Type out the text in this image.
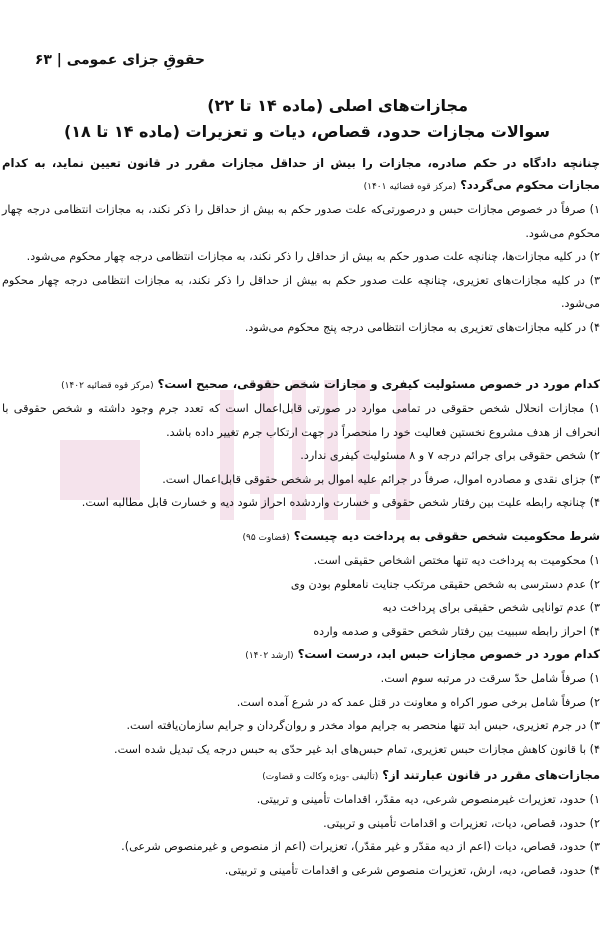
حقوقِ جزای عمومی | ۶۳
مجازات‌های اصلی (ماده ۱۴ تا ۲۲)
سوالات مجازات حدود، قصاص، دیات و تعزیرات (ماده ۱۴ تا ۱۸)
چنانچه دادگاه در حکم صادره، مجازات را بیش از حداقل مجازات مقرر در قانون تعیین نماید، به کدام مجازات محکوم می‌گردد؟ (مرکز قوه قضائیه ۱۴۰۱)
۱) صرفاً در خصوص مجازات حبس و درصورتی‌که علت صدور حکم به بیش از حداقل را ذکر نکند، به مجازات انتظامی درجه چهار محکوم می‌شود.
۲) در کلیه مجازات‌ها، چنانچه علت صدور حکم به بیش از حداقل را ذکر نکند، به مجازات انتظامی درجه چهار محکوم می‌شود.
۳) در کلیه مجازات‌های تعزیری، چنانچه علت صدور حکم به بیش از حداقل را ذکر نکند، به مجازات انتظامی درجه چهار محکوم می‌شود.
۴) در کلیه مجازات‌های تعزیری به مجازات انتظامی درجه پنج محکوم می‌شود.
کدام مورد در خصوص مسئولیت کیفری و مجازات شخص حقوقی، صحیح است؟ (مرکز قوه قضائیه ۱۴۰۲)
۱) مجازات انحلال شخص حقوقی در تمامی موارد در صورتی قابل‌اعمال است که تعدد جرم وجود داشته و شخص حقوقی با انحراف از هدف مشروع نخستین فعالیت خود را منحصراً در جهت ارتکاب جرم تغییر داده باشد.
۲) شخص حقوقی برای جرائم درجه ۷ و ۸ مسئولیت کیفری ندارد.
۳) جزای نقدی و مصادره اموال، صرفاً در جرائم علیه اموال بر شخص حقوقی قابل‌اعمال است.
۴) چنانچه رابطه علیت بین رفتار شخص حقوقی و خسارت واردشده احراز شود دیه و خسارت قابل مطالبه است.
شرط محکومیت شخص حقوقی به پرداخت دیه چیست؟ (قضاوت ۹۵)
۱) محکومیت به پرداخت دیه تنها مختص اشخاص حقیقی است.
۲) عدم دسترسی به شخص حقیقی مرتکب جنایت نامعلوم بودن وی
۳) عدم توانایی شخص حقیقی برای پرداخت دیه
۴) احراز رابطه سببیت بین رفتار شخص حقوقی و صدمه وارده
کدام مورد در خصوص مجازات حبس ابد، درست است؟ (ارشد ۱۴۰۲)
۱) صرفاً شامل حدّ سرقت در مرتبه سوم است.
۲) صرفاً شامل برخی صور اکراه و معاونت در قتل عمد که در شرع آمده است.
۳) در جرم تعزیری، حبس ابد تنها منحصر به جرایم مواد مخدر و روان‌گردان و جرایم سازمان‌یافته است.
۴) با قانون کاهش مجازات حبس تعزیری، تمام حبس‌های ابد غیر حدّی به حبس درجه یک تبدیل شده است.
مجازات‌های مقرر در قانون عبارتند از؟ (تألیفی -ویژه وکالت و قضاوت)
۱) حدود، تعزیرات غیرمنصوص شرعی، دیه مقدّر، اقدامات تأمینی و تربیتی.
۲) حدود، قصاص، دیات، تعزیرات و اقدامات تأمینی و تربیتی.
۳) حدود، قصاص، دیات (اعم از دیه مقدّر و غیر مقدّر)، تعزیرات (اعم از منصوص و غیرمنصوص شرعی).
۴) حدود، قصاص، دیه، ارش، تعزیرات منصوص شرعی و اقدامات تأمینی و تربیتی.
